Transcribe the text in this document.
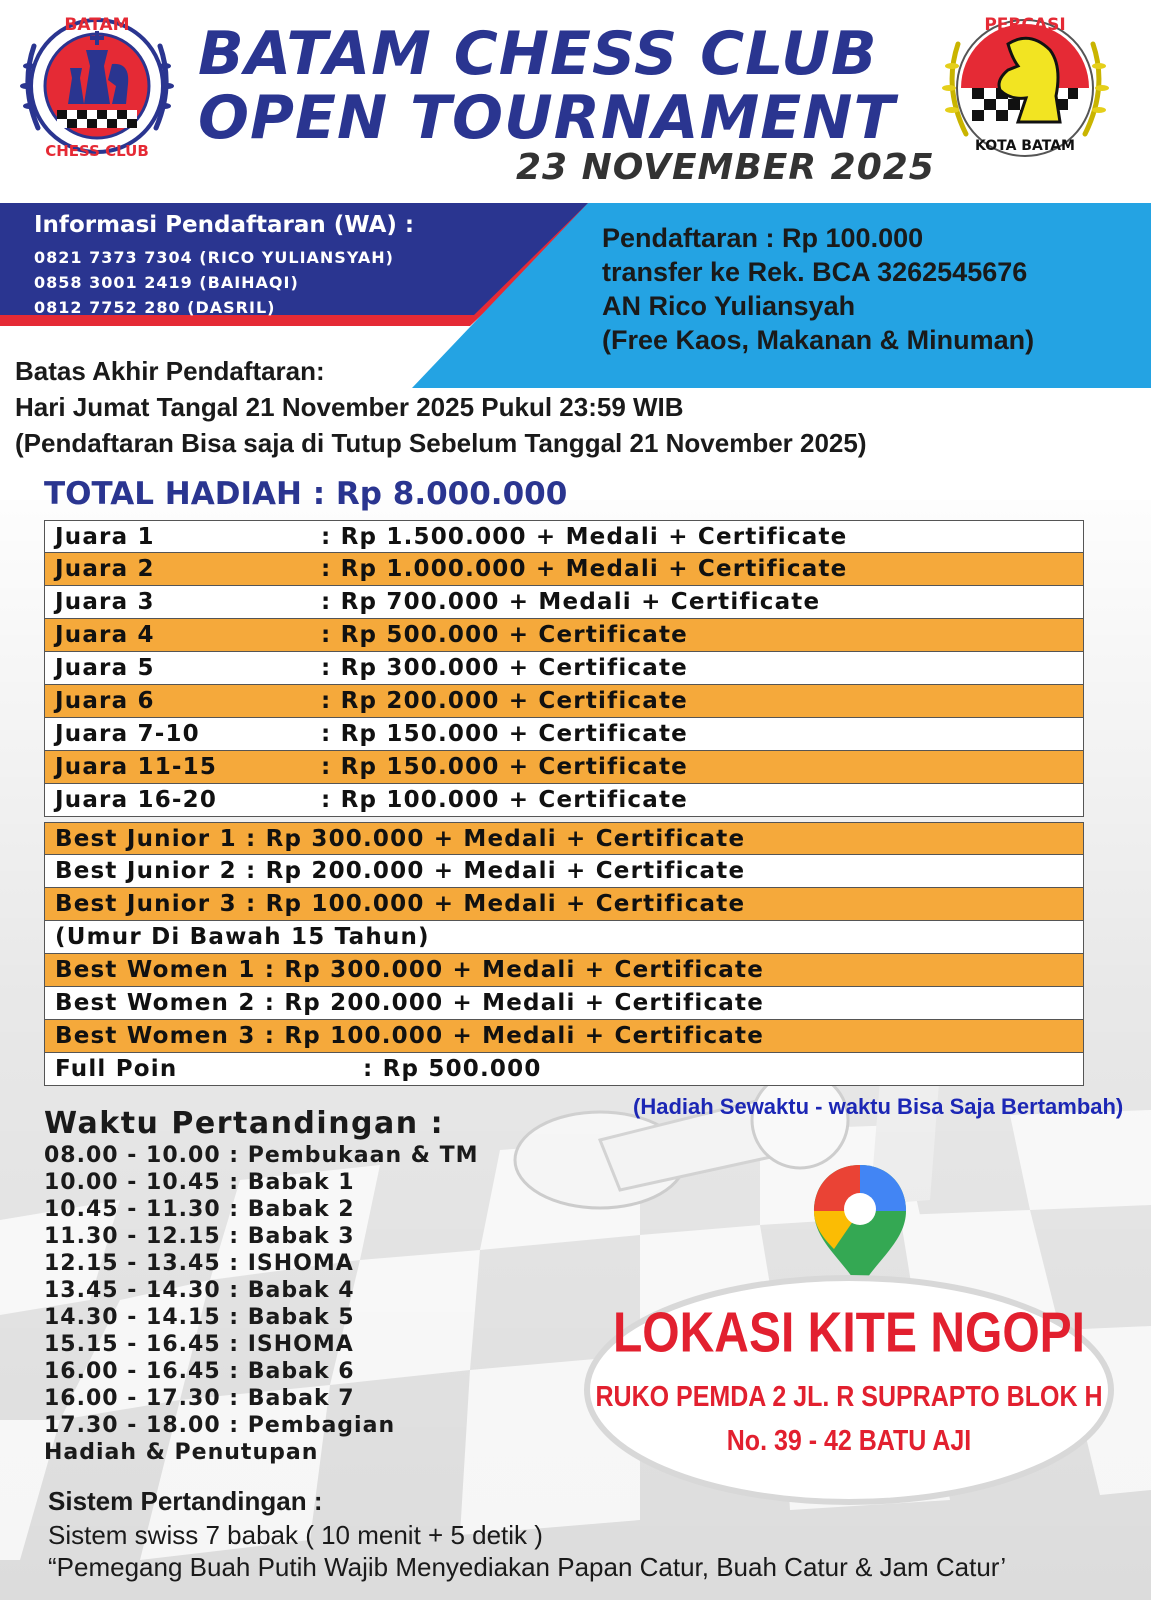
BATAM
CHESS CLUB
PERCASI
KOTA BATAM
BATAM CHESS CLUB
OPEN TOURNAMENT
23 NOVEMBER 2025
Informasi Pendaftaran (WA) :
0821 7373 7304 (RICO YULIANSYAH)
0858 3001 2419 (BAIHAQI)
0812 7752 280 (DASRIL)
Pendaftaran : Rp 100.000
transfer ke Rek. BCA 3262545676
AN Rico Yuliansyah
(Free Kaos, Makanan & Minuman)
Batas Akhir Pendaftaran:
Hari Jumat Tangal 21 November 2025 Pukul 23:59 WIB
(Pendaftaran Bisa saja di Tutup Sebelum Tanggal 21 November 2025)
TOTAL HADIAH : Rp 8.000.000
Juara 1	: Rp 1.500.000 + Medali + Certificate
Juara 2	: Rp 1.000.000 + Medali + Certificate
Juara 3	: Rp 700.000 + Medali + Certificate
Juara 4	: Rp 500.000 + Certificate
Juara 5	: Rp 300.000 + Certificate
Juara 6	: Rp 200.000 + Certificate
Juara 7-10	: Rp 150.000 + Certificate
Juara 11-15	: Rp 150.000 + Certificate
Juara 16-20	: Rp 100.000 + Certificate
Best Junior 1 : Rp 300.000 + Medali + Certificate
Best Junior 2 : Rp 200.000 + Medali + Certificate
Best Junior 3 : Rp 100.000 + Medali + Certificate
(Umur Di Bawah 15 Tahun)
Best Women 1 : Rp 300.000 + Medali + Certificate
Best Women 2 : Rp 200.000 + Medali + Certificate
Best Women 3 : Rp 100.000 + Medali + Certificate
Full Poin	: Rp 500.000
(Hadiah Sewaktu - waktu Bisa Saja Bertambah)
Waktu Pertandingan :
08.00 - 10.00 : Pembukaan & TM
10.00 - 10.45 : Babak 1
10.45 - 11.30 : Babak 2
11.30 - 12.15 : Babak 3
12.15 - 13.45 : ISHOMA
13.45 - 14.30 : Babak 4
14.30 - 14.15 : Babak 5
15.15 - 16.45 : ISHOMA
16.00 - 16.45 : Babak 6
16.00 - 17.30 : Babak 7
17.30 - 18.00 : Pembagian
Hadiah & Penutupan
LOKASI KITE NGOPI
RUKO PEMDA 2 JL. R SUPRAPTO BLOK H
No. 39 - 42 BATU AJI
Sistem Pertandingan :
Sistem swiss 7 babak ( 10 menit + 5 detik )
“Pemegang Buah Putih Wajib Menyediakan Papan Catur, Buah Catur & Jam Catur’
